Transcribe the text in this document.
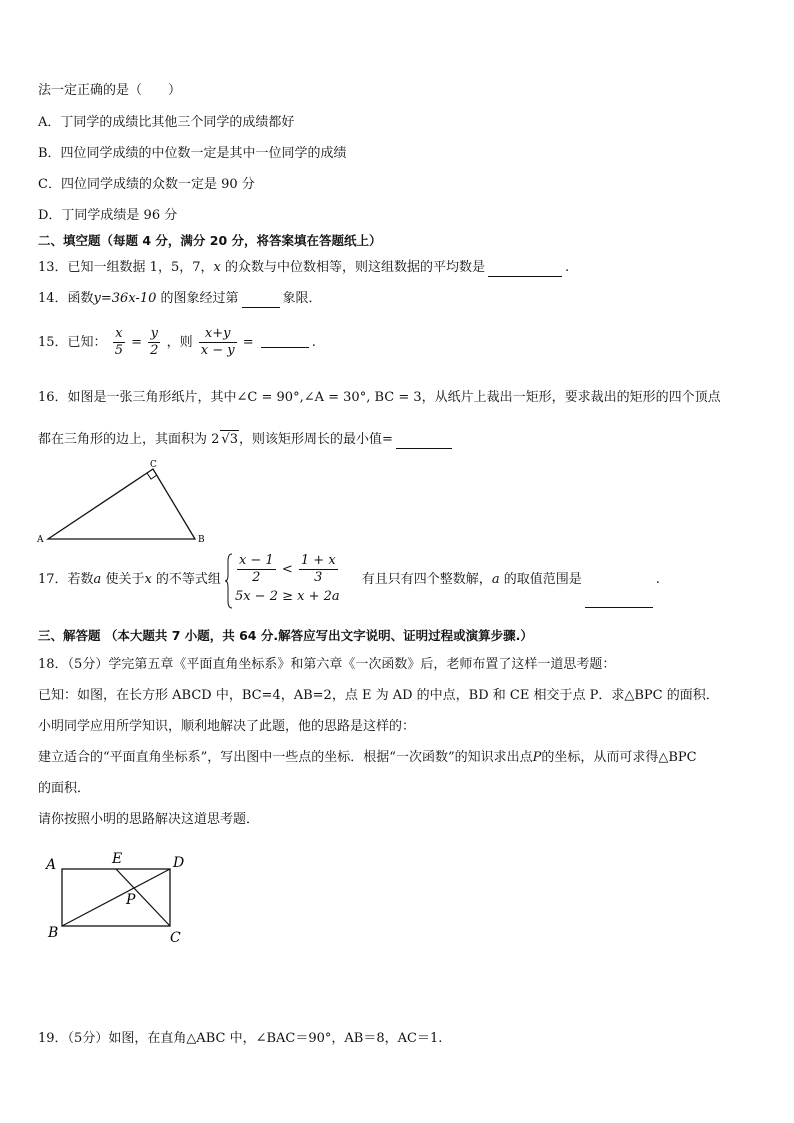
法一定正确的是（　　）
A．丁同学的成绩比其他三个同学的成绩都好
B．四位同学成绩的中位数一定是其中一位同学的成绩
C．四位同学成绩的众数一定是 90 分
D．丁同学成绩是 96 分
二、填空题（每题 4 分，满分 20 分，将答案填在答题纸上）
13．已知一组数据 1，5，7，x 的众数与中位数相等，则这组数据的平均数是	.
14．函数y=36x-10 的图象经过第	象限．
15．已知： $\frac{x}{5} = \frac{y}{2}$ ，则 $\frac{x+y}{x - y}$ =	.
16．如图是一张三角形纸片，其中∠C = 90°,∠A = 30°, BC = 3，从纸片上裁出一矩形，要求裁出的矩形的四个顶点
都在三角形的边上，其面积为 2 √3，则该矩形周长的最小值=
A	B
C
17．若数a 使关于x 的不等式组 $\frac{x - 1}{2} < \frac{1 + x}{3}$
5x − 2 ≥ x + 2a
有且只有四个整数解，a 的取值范围是	.
三、解答题 （本大题共 7 小题，共 64 分.解答应写出文字说明、证明过程或演算步骤.）
18．（5分）学完第五章《平面直角坐标系》和第六章《一次函数》后，老师布置了这样一道思考题：
已知：如图，在长方形 ABCD 中，BC=4，AB=2，点 E 为 AD 的中点，BD 和 CE 相交于点 P．求△BPC 的面积．
小明同学应用所学知识，顺利地解决了此题，他的思路是这样的：
建立适合的“平面直角坐标系”，写出图中一些点的坐标．根据“一次函数”的知识求出点P的坐标，从而可求得△BPC
的面积．
请你按照小明的思路解决这道思考题．
A	E	D
P
B	C
19．（5分）如图，在直角△ABC 中，∠BAC＝90°，AB＝8，AC＝1.
